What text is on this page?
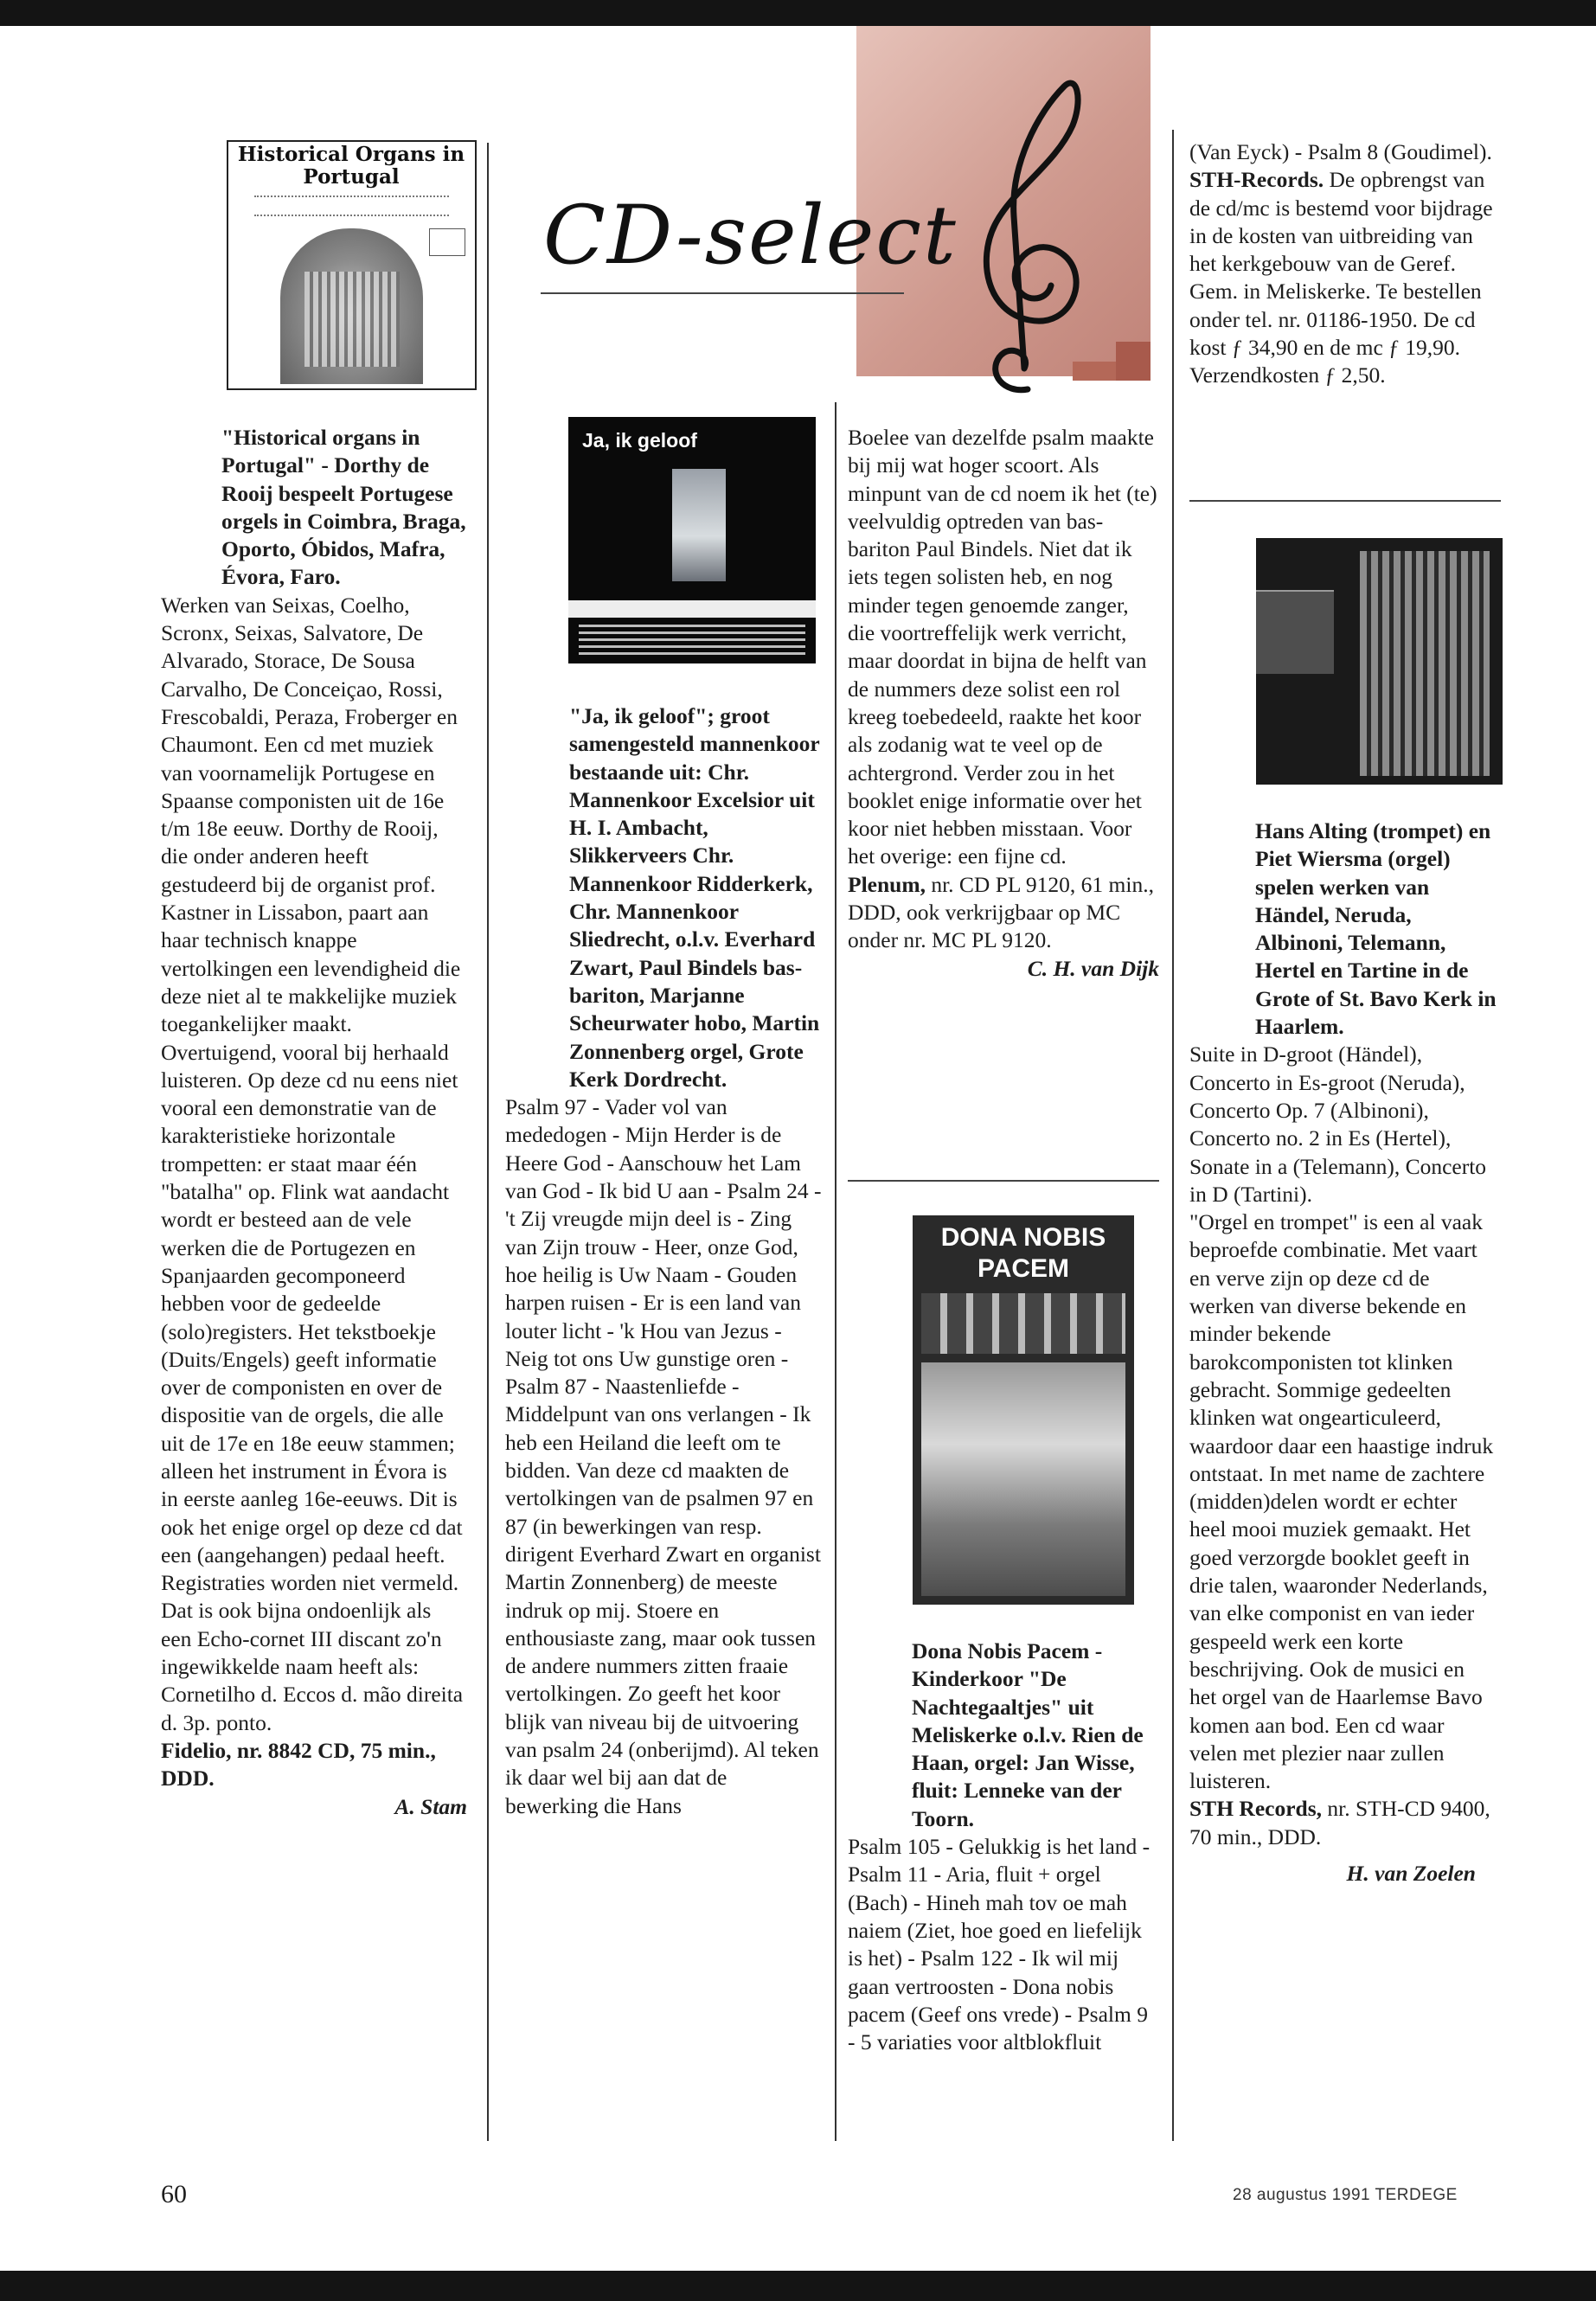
CD-select
Historical Organs in Portugal

"Historical organs in Portugal" - Dorthy de Rooij bespeelt Portugese orgels in Coimbra, Braga, Oporto, Óbidos, Mafra, Évora, Faro.

Werken van Seixas, Coelho, Scronx, Seixas, Salvatore, De Alvarado, Storace, De Sousa Carvalho, De Conceiçao, Rossi, Frescobaldi, Peraza, Froberger en Chaumont. Een cd met muziek van voornamelijk Portugese en Spaanse componisten uit de 16e t/m 18e eeuw. Dorthy de Rooij, die onder anderen heeft gestudeerd bij de organist prof. Kastner in Lissabon, paart aan haar technisch knappe vertolkingen een levendigheid die deze niet al te makkelijke muziek toegankelijker maakt. Overtuigend, vooral bij herhaald luisteren. Op deze cd nu eens niet vooral een demonstratie van de karakteristieke horizontale trompetten: er staat maar één "batalha" op. Flink wat aandacht wordt er besteed aan de vele werken die de Portugezen en Spanjaarden gecomponeerd hebben voor de gedeelde (solo)registers. Het tekstboekje (Duits/Engels) geeft informatie over de componisten en over de dispositie van de orgels, die alle uit de 17e en 18e eeuw stammen; alleen het instrument in Évora is in eerste aanleg 16e-eeuws. Dit is ook het enige orgel op deze cd dat een (aangehangen) pedaal heeft. Registraties worden niet vermeld. Dat is ook bijna ondoenlijk als een Echo-cornet III discant zo'n ingewikkelde naam heeft als: Cornetilho d. Eccos d. mão direita d. 3p. ponto.

Fidelio, nr. 8842 CD, 75 min., DDD.

A. Stam

Ja, ik geloof

"Ja, ik geloof"; groot samengesteld mannenkoor bestaande uit: Chr. Mannenkoor Excelsior uit H. I. Ambacht, Slikkerveers Chr. Mannenkoor Ridderkerk, Chr. Mannenkoor Sliedrecht, o.l.v. Everhard Zwart, Paul Bindels bas-bariton, Marjanne Scheurwater hobo, Martin Zonnenberg orgel, Grote Kerk Dordrecht.

Psalm 97 - Vader vol van mededogen - Mijn Herder is de Heere God - Aanschouw het Lam van God - Ik bid U aan - Psalm 24 - 't Zij vreugde mijn deel is - Zing van Zijn trouw - Heer, onze God, hoe heilig is Uw Naam - Gouden harpen ruisen - Er is een land van louter licht - 'k Hou van Jezus - Neig tot ons Uw gunstige oren - Psalm 87 - Naastenliefde - Middelpunt van ons verlangen - Ik heb een Heiland die leeft om te bidden. Van deze cd maakten de vertolkingen van de psalmen 97 en 87 (in bewerkingen van resp. dirigent Everhard Zwart en organist Martin Zonnenberg) de meeste indruk op mij. Stoere en enthousiaste zang, maar ook tussen de andere nummers zitten fraaie vertolkingen. Zo geeft het koor blijk van niveau bij de uitvoering van psalm 24 (onberijmd). Al teken ik daar wel bij aan dat de bewerking die Hans

Boelee van dezelfde psalm maakte bij mij wat hoger scoort. Als minpunt van de cd noem ik het (te) veelvuldig optreden van bas-bariton Paul Bindels. Niet dat ik iets tegen solisten heb, en nog minder tegen genoemde zanger, die voortreffelijk werk verricht, maar doordat in bijna de helft van de nummers deze solist een rol kreeg toebedeeld, raakte het koor als zodanig wat te veel op de achtergrond. Verder zou in het booklet enige informatie over het koor niet hebben misstaan. Voor het overige: een fijne cd.

Plenum, nr. CD PL 9120, 61 min., DDD, ook verkrijgbaar op MC onder nr. MC PL 9120.

C. H. van Dijk

DONA NOBIS PACEM

Dona Nobis Pacem - Kinderkoor "De Nachtegaaltjes" uit Meliskerke o.l.v. Rien de Haan, orgel: Jan Wisse, fluit: Lenneke van der Toorn.

Psalm 105 - Gelukkig is het land - Psalm 11 - Aria, fluit + orgel (Bach) - Hineh mah tov oe mah naiem (Ziet, hoe goed en liefelijk is het) - Psalm 122 - Ik wil mij gaan vertroosten - Dona nobis pacem (Geef ons vrede) - Psalm 9 - 5 variaties voor altblokfluit

(Van Eyck) - Psalm 8 (Goudimel).

STH-Records. De opbrengst van de cd/mc is bestemd voor bijdrage in de kosten van uitbreiding van het kerkgebouw van de Geref. Gem. in Meliskerke. Te bestellen onder tel. nr. 01186-1950. De cd kost ƒ 34,90 en de mc ƒ 19,90. Verzendkosten ƒ 2,50.

Hans Alting (trompet) en Piet Wiersma (orgel) spelen werken van Händel, Neruda, Albinoni, Telemann, Hertel en Tartine in de Grote of St. Bavo Kerk in Haarlem.

Suite in D-groot (Händel), Concerto in Es-groot (Neruda), Concerto Op. 7 (Albinoni), Concerto no. 2 in Es (Hertel), Sonate in a (Telemann), Concerto in D (Tartini).

"Orgel en trompet" is een al vaak beproefde combinatie. Met vaart en verve zijn op deze cd de werken van diverse bekende en minder bekende barokcomponisten tot klinken gebracht. Sommige gedeelten klinken wat ongearticuleerd, waardoor daar een haastige indruk ontstaat. In met name de zachtere (midden)delen wordt er echter heel mooi muziek gemaakt. Het goed verzorgde booklet geeft in drie talen, waaronder Nederlands, van elke componist en van ieder gespeeld werk een korte beschrijving. Ook de musici en het orgel van de Haarlemse Bavo komen aan bod. Een cd waar velen met plezier naar zullen luisteren.

STH Records, nr. STH-CD 9400, 70 min., DDD.

H. van Zoelen

60	28 augustus 1991 TERDEGE
